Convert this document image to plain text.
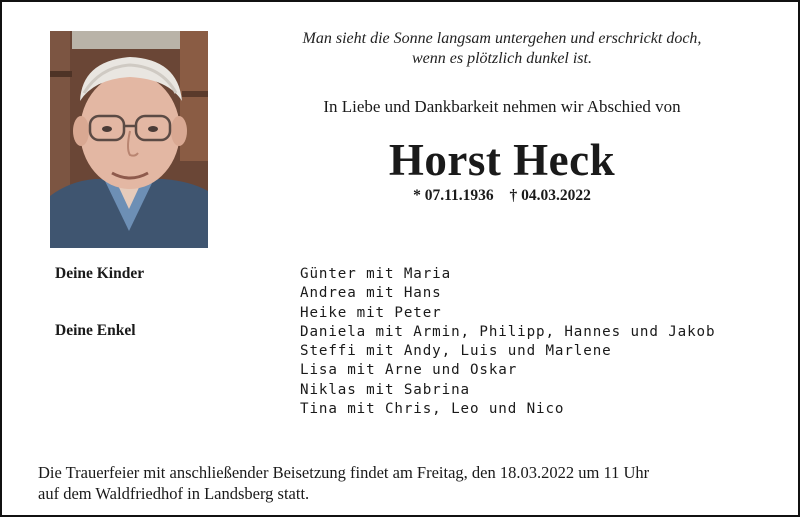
Man sieht die Sonne langsam untergehen und erschrickt doch,
wenn es plötzlich dunkel ist.
In Liebe und Dankbarkeit nehmen wir Abschied von
Horst Heck
* 07.11.1936 † 04.03.2022
Deine Kinder
Deine Enkel
Günter mit Maria
Andrea mit Hans
Heike mit Peter
Daniela mit Armin, Philipp, Hannes und Jakob
Steffi mit Andy, Luis und Marlene
Lisa mit Arne und Oskar
Niklas mit Sabrina
Tina mit Chris, Leo und Nico
Die Trauerfeier mit anschließender Beisetzung findet am Freitag, den 18.03.2022 um 11 Uhr
auf dem Waldfriedhof in Landsberg statt.
